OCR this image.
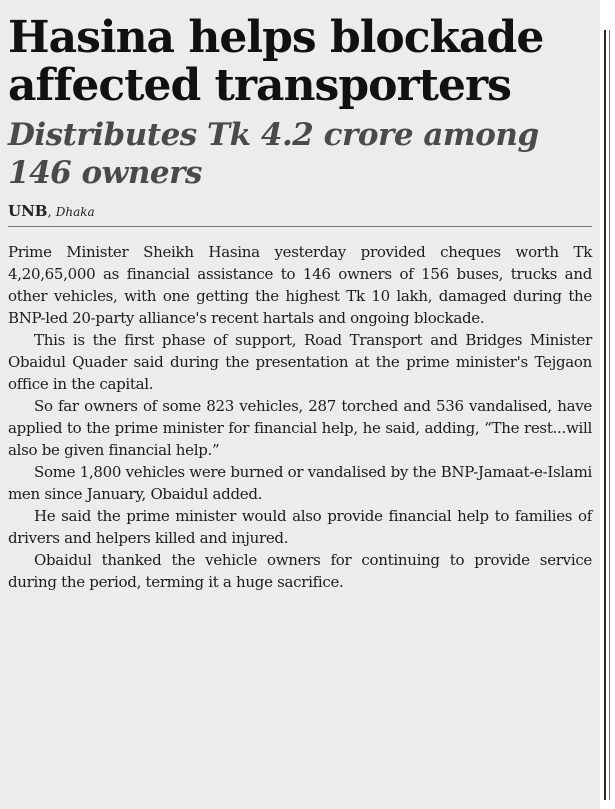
Hasina helps blockade affected transporters
Distributes Tk 4.2 crore among 146 owners
UNB, Dhaka

Prime Minister Sheikh Hasina yesterday provided cheques worth Tk 4,20,65,000 as financial assistance to 146 owners of 156 buses, trucks and other vehicles, with one getting the highest Tk 10 lakh, damaged during the BNP-led 20-party alliance's recent hartals and ongoing blockade.

This is the first phase of support, Road Transport and Bridges Minister Obaidul Quader said during the presentation at the prime minister's Tejgaon office in the capital.

So far owners of some 823 vehicles, 287 torched and 536 vandalised, have applied to the prime minister for financial help, he said, adding, “The rest...will also be given financial help.”

Some 1,800 vehicles were burned or vandalised by the BNP-Jamaat-e-Islami men since January, Obaidul added.

He said the prime minister would also provide financial help to families of drivers and helpers killed and injured.

Obaidul thanked the vehicle owners for continuing to provide service during the period, terming it a huge sacrifice.
